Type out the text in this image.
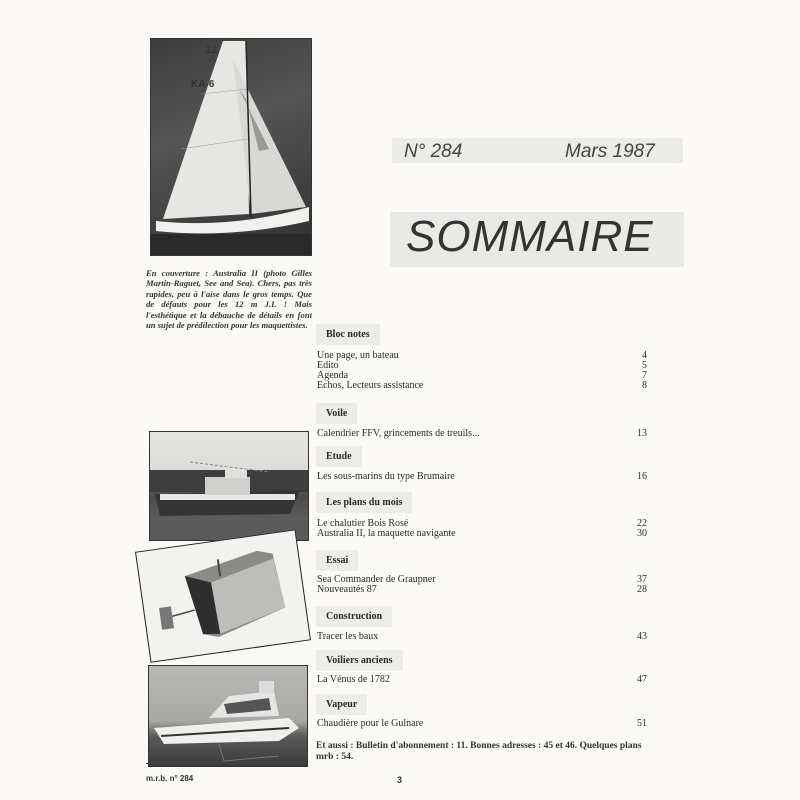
12
KA-6
En couverture : Australia II (photo Gilles Martin-Raguet, See and Sea). Chers, pas très rapides, peu à l'aise dans le gros temps. Que de défauts pour les 12 m J.I. ! Mais l'esthétique et la débauche de détails en font un sujet de prédilection pour les maquettistes.
N° 284	Mars 1987
SOMMAIRE
Bloc notes
Une page, un bateau	4
Edito	5
Agenda	7
Echos, Lecteurs assistance	8
Voile
Calendrier FFV, grincements de treuils...	13
Etude
Les sous-marins du type Brumaire	16
Les plans du mois
Le chalutier Bois Rosé	22
Australia II, la maquette navigante	30
Essai
Sea Commander de Graupner	37
Nouveautés 87	28
Construction
Tracer les baux	43
Voiliers anciens
La Vénus de 1782	47
Vapeur
Chaudière pour le Gulnare	51
Et aussi : Bulletin d'abonnement : 11. Bonnes adresses : 45 et 46. Quelques plans mrb : 54.
m.r.b. n° 284	3
